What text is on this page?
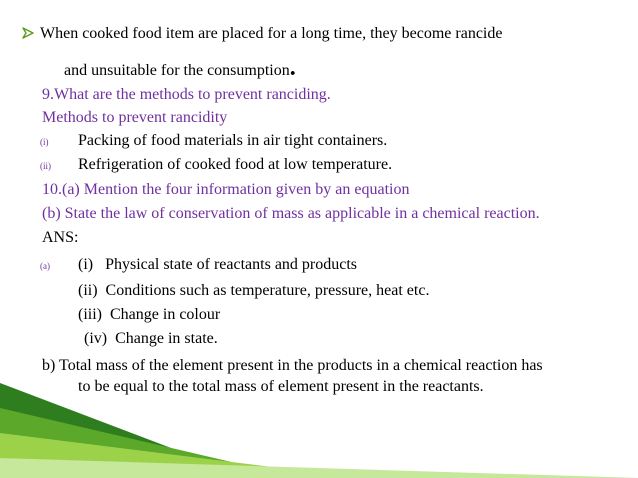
When cooked food item are placed for a long time, they become rancide
and unsuitable for the consumption.
9.What are the methods to prevent ranciding.
Methods to prevent rancidity
(i) Packing of food materials in air tight containers.
(ii) Refrigeration of cooked food at low temperature.
10.(a) Mention the four information given by an equation
(b) State the law of conservation of mass as applicable in a chemical reaction.
ANS:
(a) (i)   Physical state of reactants and products
(ii)  Conditions such as temperature, pressure, heat etc.
(iii)  Change in colour
(iv)  Change in state.
b) Total mass of the element present in the products in a chemical reaction has
to be equal to the total mass of element present in the reactants.
